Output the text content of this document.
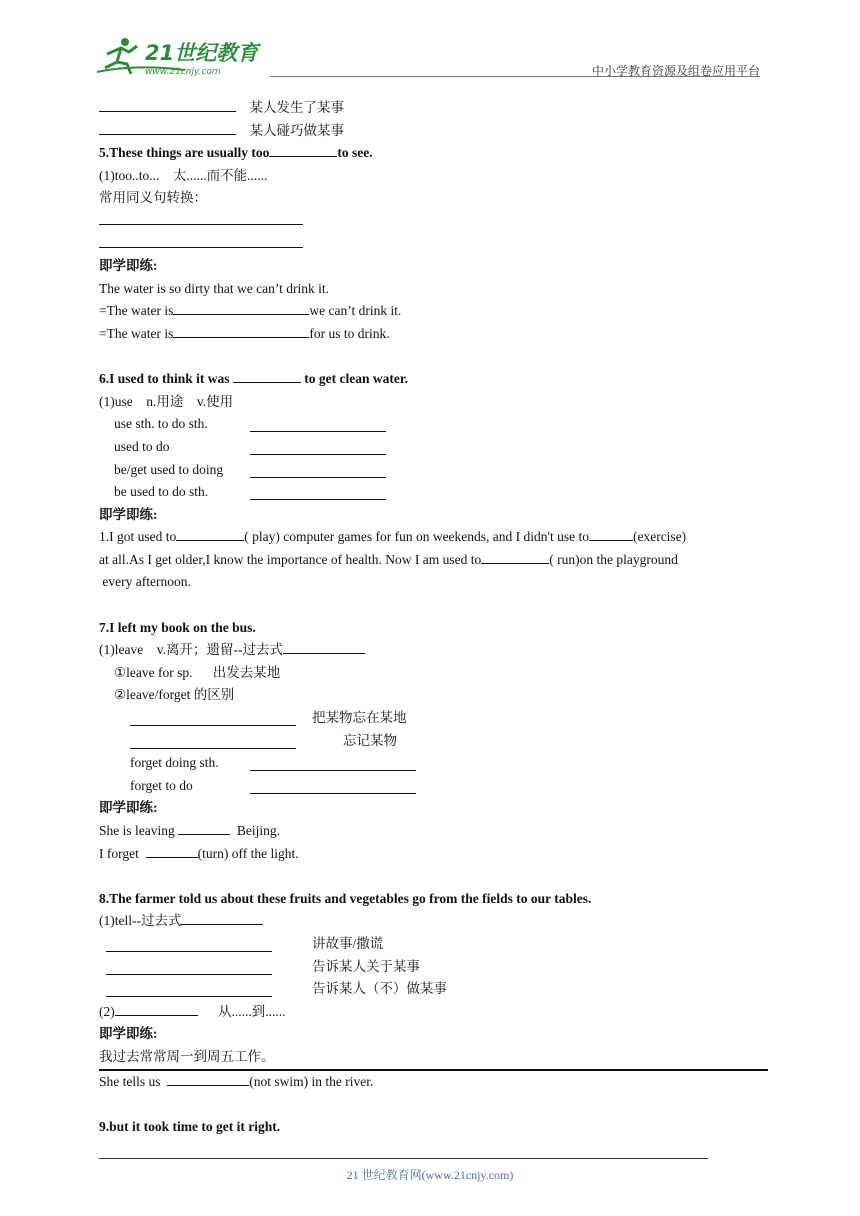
21世纪教育
www.21cnjy.com	中小学教育资源及组卷应用平台
某人发生了某事
某人碰巧做某事
5.These things are usually too	to see.
(1)too..to...    太......而不能......
常用同义句转换：
即学即练:
The water is so dirty that we can’t drink it.
=The water is	we can’t drink it.
=The water is	for us to drink.
6.I used to think it was	to get clean water.
(1)use    n.用途    v.使用
use sth. to do sth.
used to do
be/get used to doing
be used to do sth.
即学即练:
1.I got used to	( play) computer games for fun on weekends, and I didn't use to	(exercise)
at all.As I get older,I know the importance of health. Now I am used to	( run)on the playground
every afternoon.
7.I left my book on the bus.
(1)leave    v.离开；遗留--过去式
①leave for sp.      出发去某地
②leave/forget 的区别
把某物忘在某地
忘记某物
forget doing sth.
forget to do
即学即练:
She is leaving	Beijing.
I forget	(turn) off the light.
8.The farmer told us about these fruits and vegetables go from the fields to our tables.
(1)tell--过去式
讲故事/撒谎
告诉某人关于某事
告诉某人（不）做某事
(2)	从......到......
即学即练:
我过去常常周一到周五工作。
She tells us	(not swim) in the river.
9.but it took time to get it right.
21 世纪教育网(www.21cnjy.com)
